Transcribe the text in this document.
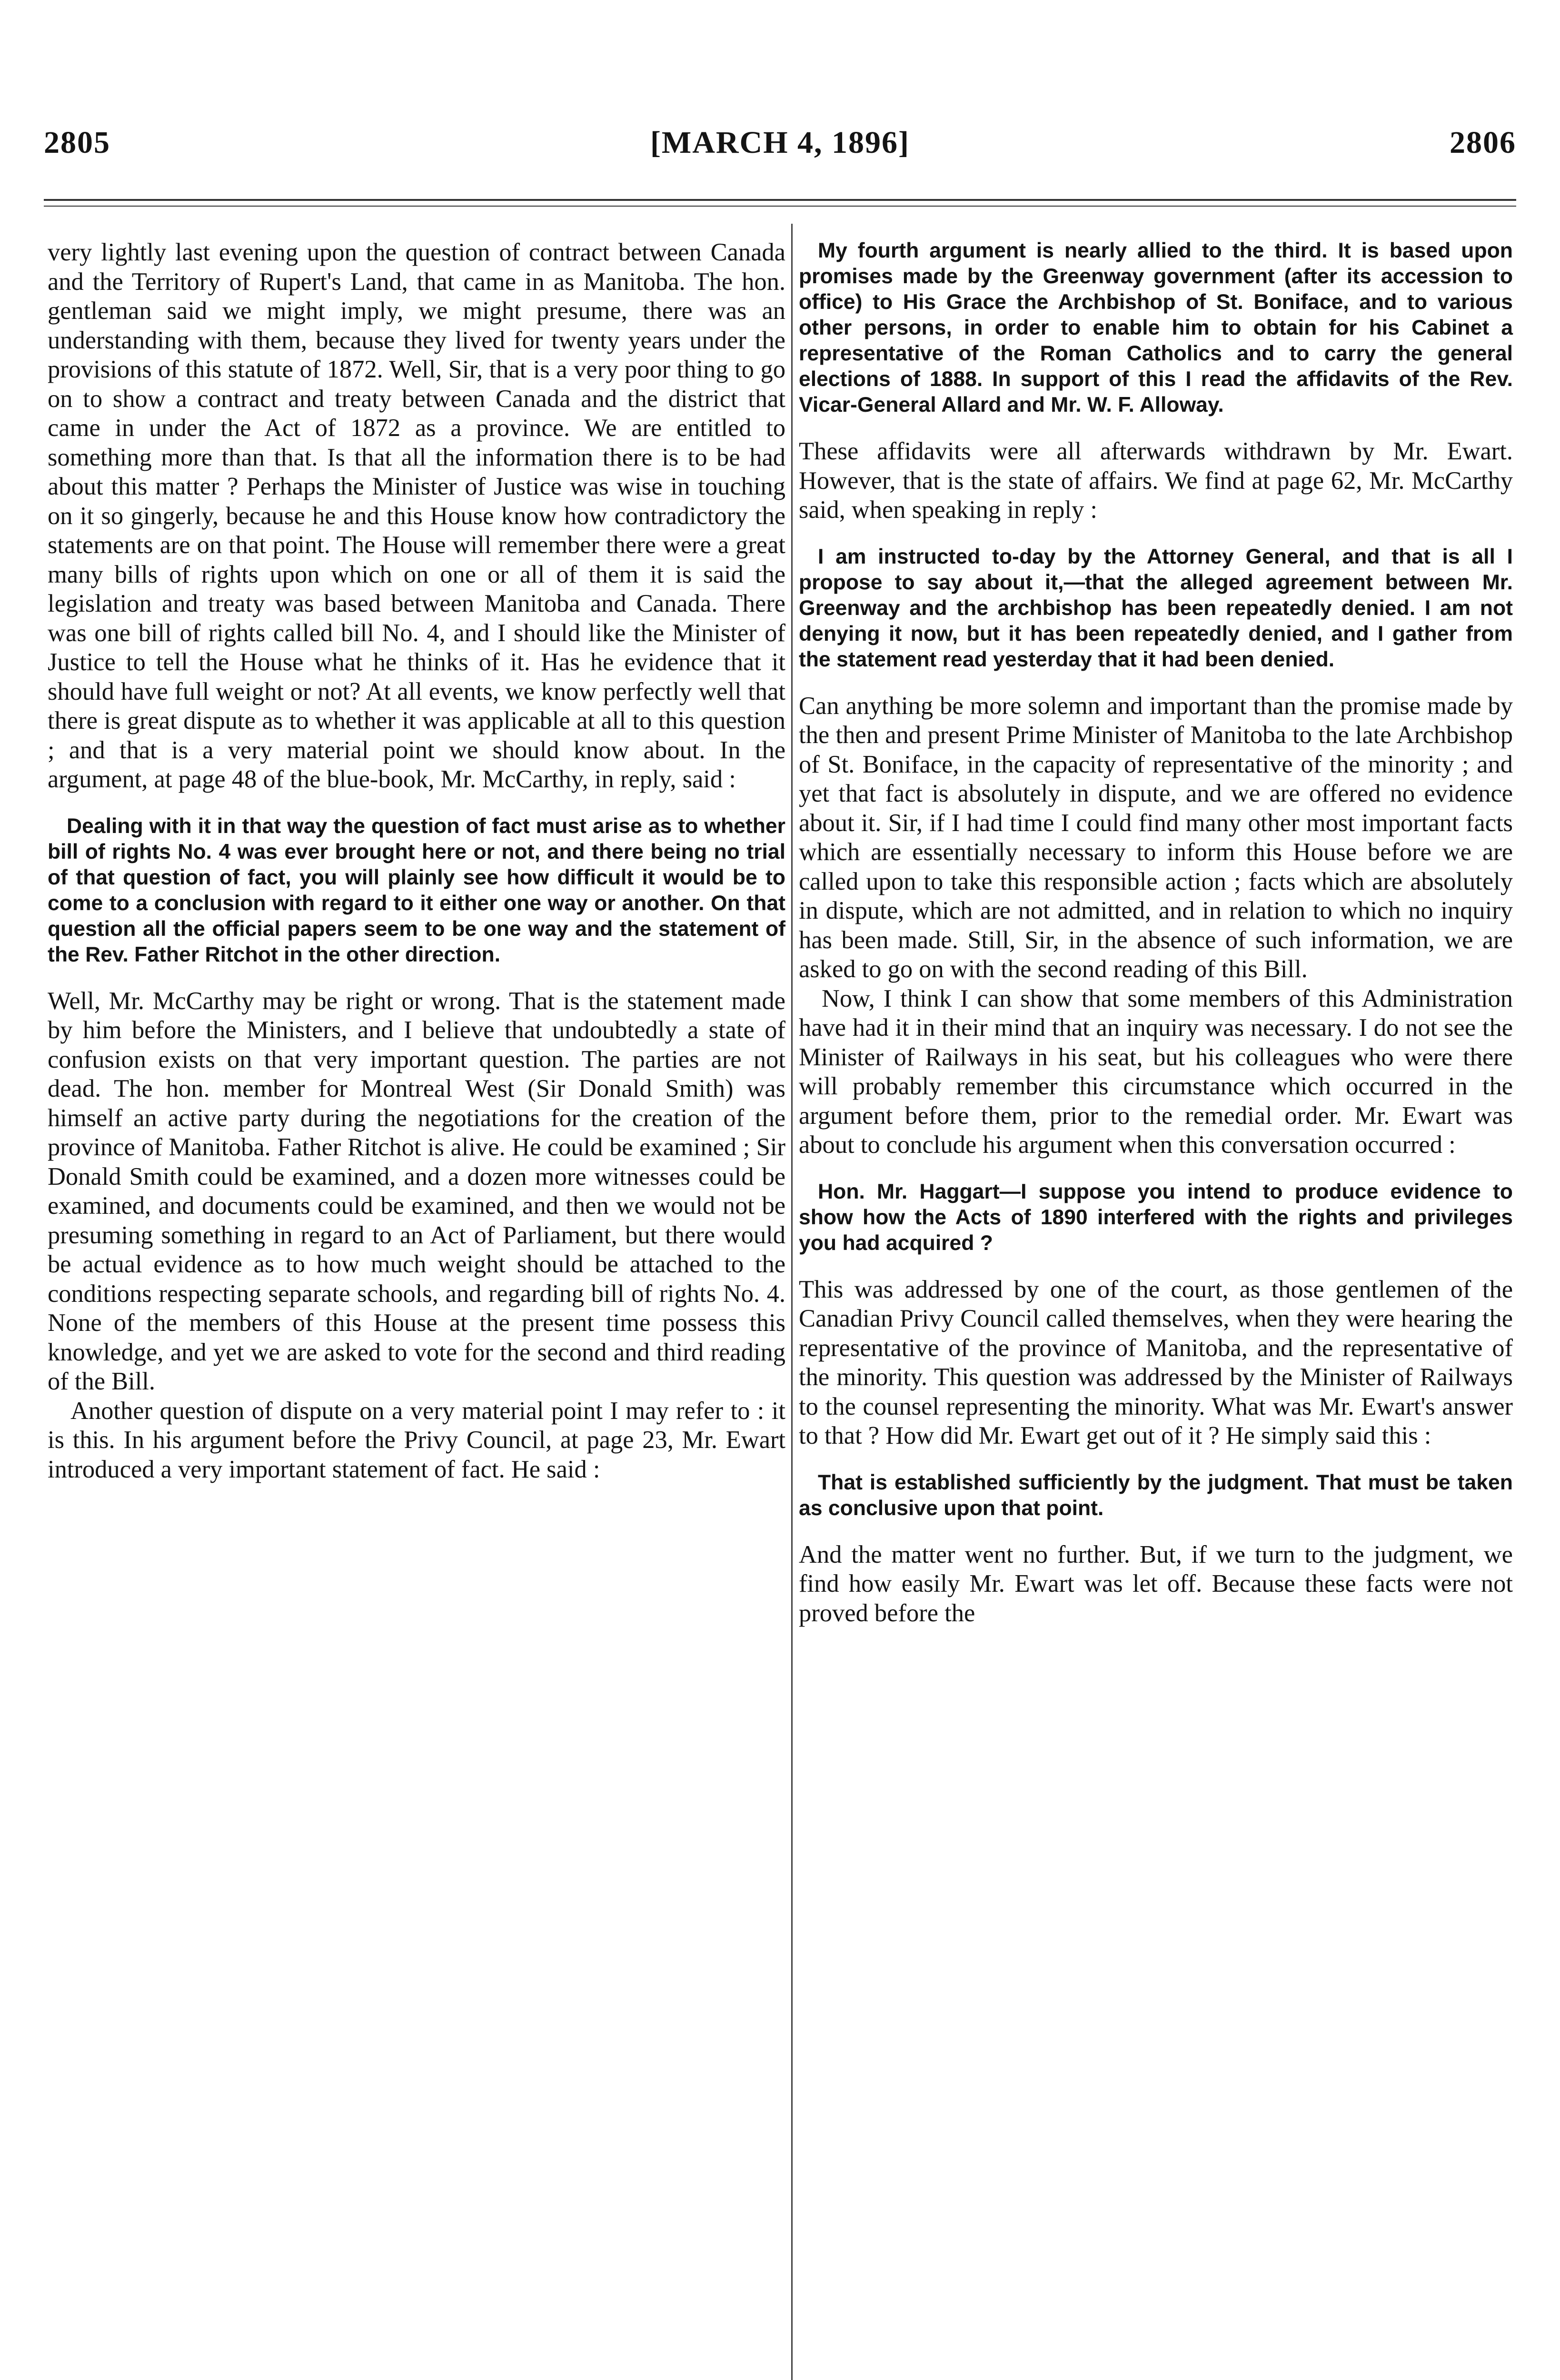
2805	[MARCH 4, 1896]	2806

very lightly last evening upon the question of contract between Canada and the Territory of Rupert's Land, that came in as Manitoba. The hon. gentleman said we might imply, we might presume, there was an understanding with them, because they lived for twenty years under the provisions of this statute of 1872. Well, Sir, that is a very poor thing to go on to show a contract and treaty between Canada and the district that came in under the Act of 1872 as a province. We are entitled to something more than that. Is that all the information there is to be had about this matter ? Perhaps the Minister of Justice was wise in touching on it so gingerly, because he and this House know how contradictory the statements are on that point. The House will remember there were a great many bills of rights upon which on one or all of them it is said the legislation and treaty was based between Manitoba and Canada. There was one bill of rights called bill No. 4, and I should like the Minister of Justice to tell the House what he thinks of it. Has he evidence that it should have full weight or not? At all events, we know perfectly well that there is great dispute as to whether it was applicable at all to this question ; and that is a very material point we should know about. In the argument, at page 48 of the blue-book, Mr. McCarthy, in reply, said :

Dealing with it in that way the question of fact must arise as to whether bill of rights No. 4 was ever brought here or not, and there being no trial of that question of fact, you will plainly see how difficult it would be to come to a conclusion with regard to it either one way or another. On that question all the official papers seem to be one way and the statement of the Rev. Father Ritchot in the other direction.

Well, Mr. McCarthy may be right or wrong. That is the statement made by him before the Ministers, and I believe that undoubtedly a state of confusion exists on that very important question. The parties are not dead. The hon. member for Montreal West (Sir Donald Smith) was himself an active party during the negotiations for the creation of the province of Manitoba. Father Ritchot is alive. He could be examined ; Sir Donald Smith could be examined, and a dozen more witnesses could be examined, and documents could be examined, and then we would not be presuming something in regard to an Act of Parliament, but there would be actual evidence as to how much weight should be attached to the conditions respecting separate schools, and regarding bill of rights No. 4. None of the members of this House at the present time possess this knowledge, and yet we are asked to vote for the second and third reading of the Bill.

Another question of dispute on a very material point I may refer to : it is this. In his argument before the Privy Council, at page 23, Mr. Ewart introduced a very important statement of fact. He said :

My fourth argument is nearly allied to the third. It is based upon promises made by the Greenway government (after its accession to office) to His Grace the Archbishop of St. Boniface, and to various other persons, in order to enable him to obtain for his Cabinet a representative of the Roman Catholics and to carry the general elections of 1888. In support of this I read the affidavits of the Rev. Vicar-General Allard and Mr. W. F. Alloway.

These affidavits were all afterwards withdrawn by Mr. Ewart. However, that is the state of affairs. We find at page 62, Mr. McCarthy said, when speaking in reply :

I am instructed to-day by the Attorney General, and that is all I propose to say about it,—that the alleged agreement between Mr. Greenway and the archbishop has been repeatedly denied. I am not denying it now, but it has been repeatedly denied, and I gather from the statement read yesterday that it had been denied.

Can anything be more solemn and important than the promise made by the then and present Prime Minister of Manitoba to the late Archbishop of St. Boniface, in the capacity of representative of the minority ; and yet that fact is absolutely in dispute, and we are offered no evidence about it. Sir, if I had time I could find many other most important facts which are essentially necessary to inform this House before we are called upon to take this responsible action ; facts which are absolutely in dispute, which are not admitted, and in relation to which no inquiry has been made. Still, Sir, in the absence of such information, we are asked to go on with the second reading of this Bill.

Now, I think I can show that some members of this Administration have had it in their mind that an inquiry was necessary. I do not see the Minister of Railways in his seat, but his colleagues who were there will probably remember this circumstance which occurred in the argument before them, prior to the remedial order. Mr. Ewart was about to conclude his argument when this conversation occurred :

Hon. Mr. Haggart—I suppose you intend to produce evidence to show how the Acts of 1890 interfered with the rights and privileges you had acquired ?

This was addressed by one of the court, as those gentlemen of the Canadian Privy Council called themselves, when they were hearing the representative of the province of Manitoba, and the representative of the minority. This question was addressed by the Minister of Railways to the counsel representing the minority. What was Mr. Ewart's answer to that ? How did Mr. Ewart get out of it ? He simply said this :

That is established sufficiently by the judgment. That must be taken as conclusive upon that point.

And the matter went no further. But, if we turn to the judgment, we find how easily Mr. Ewart was let off. Because these facts were not proved before the
